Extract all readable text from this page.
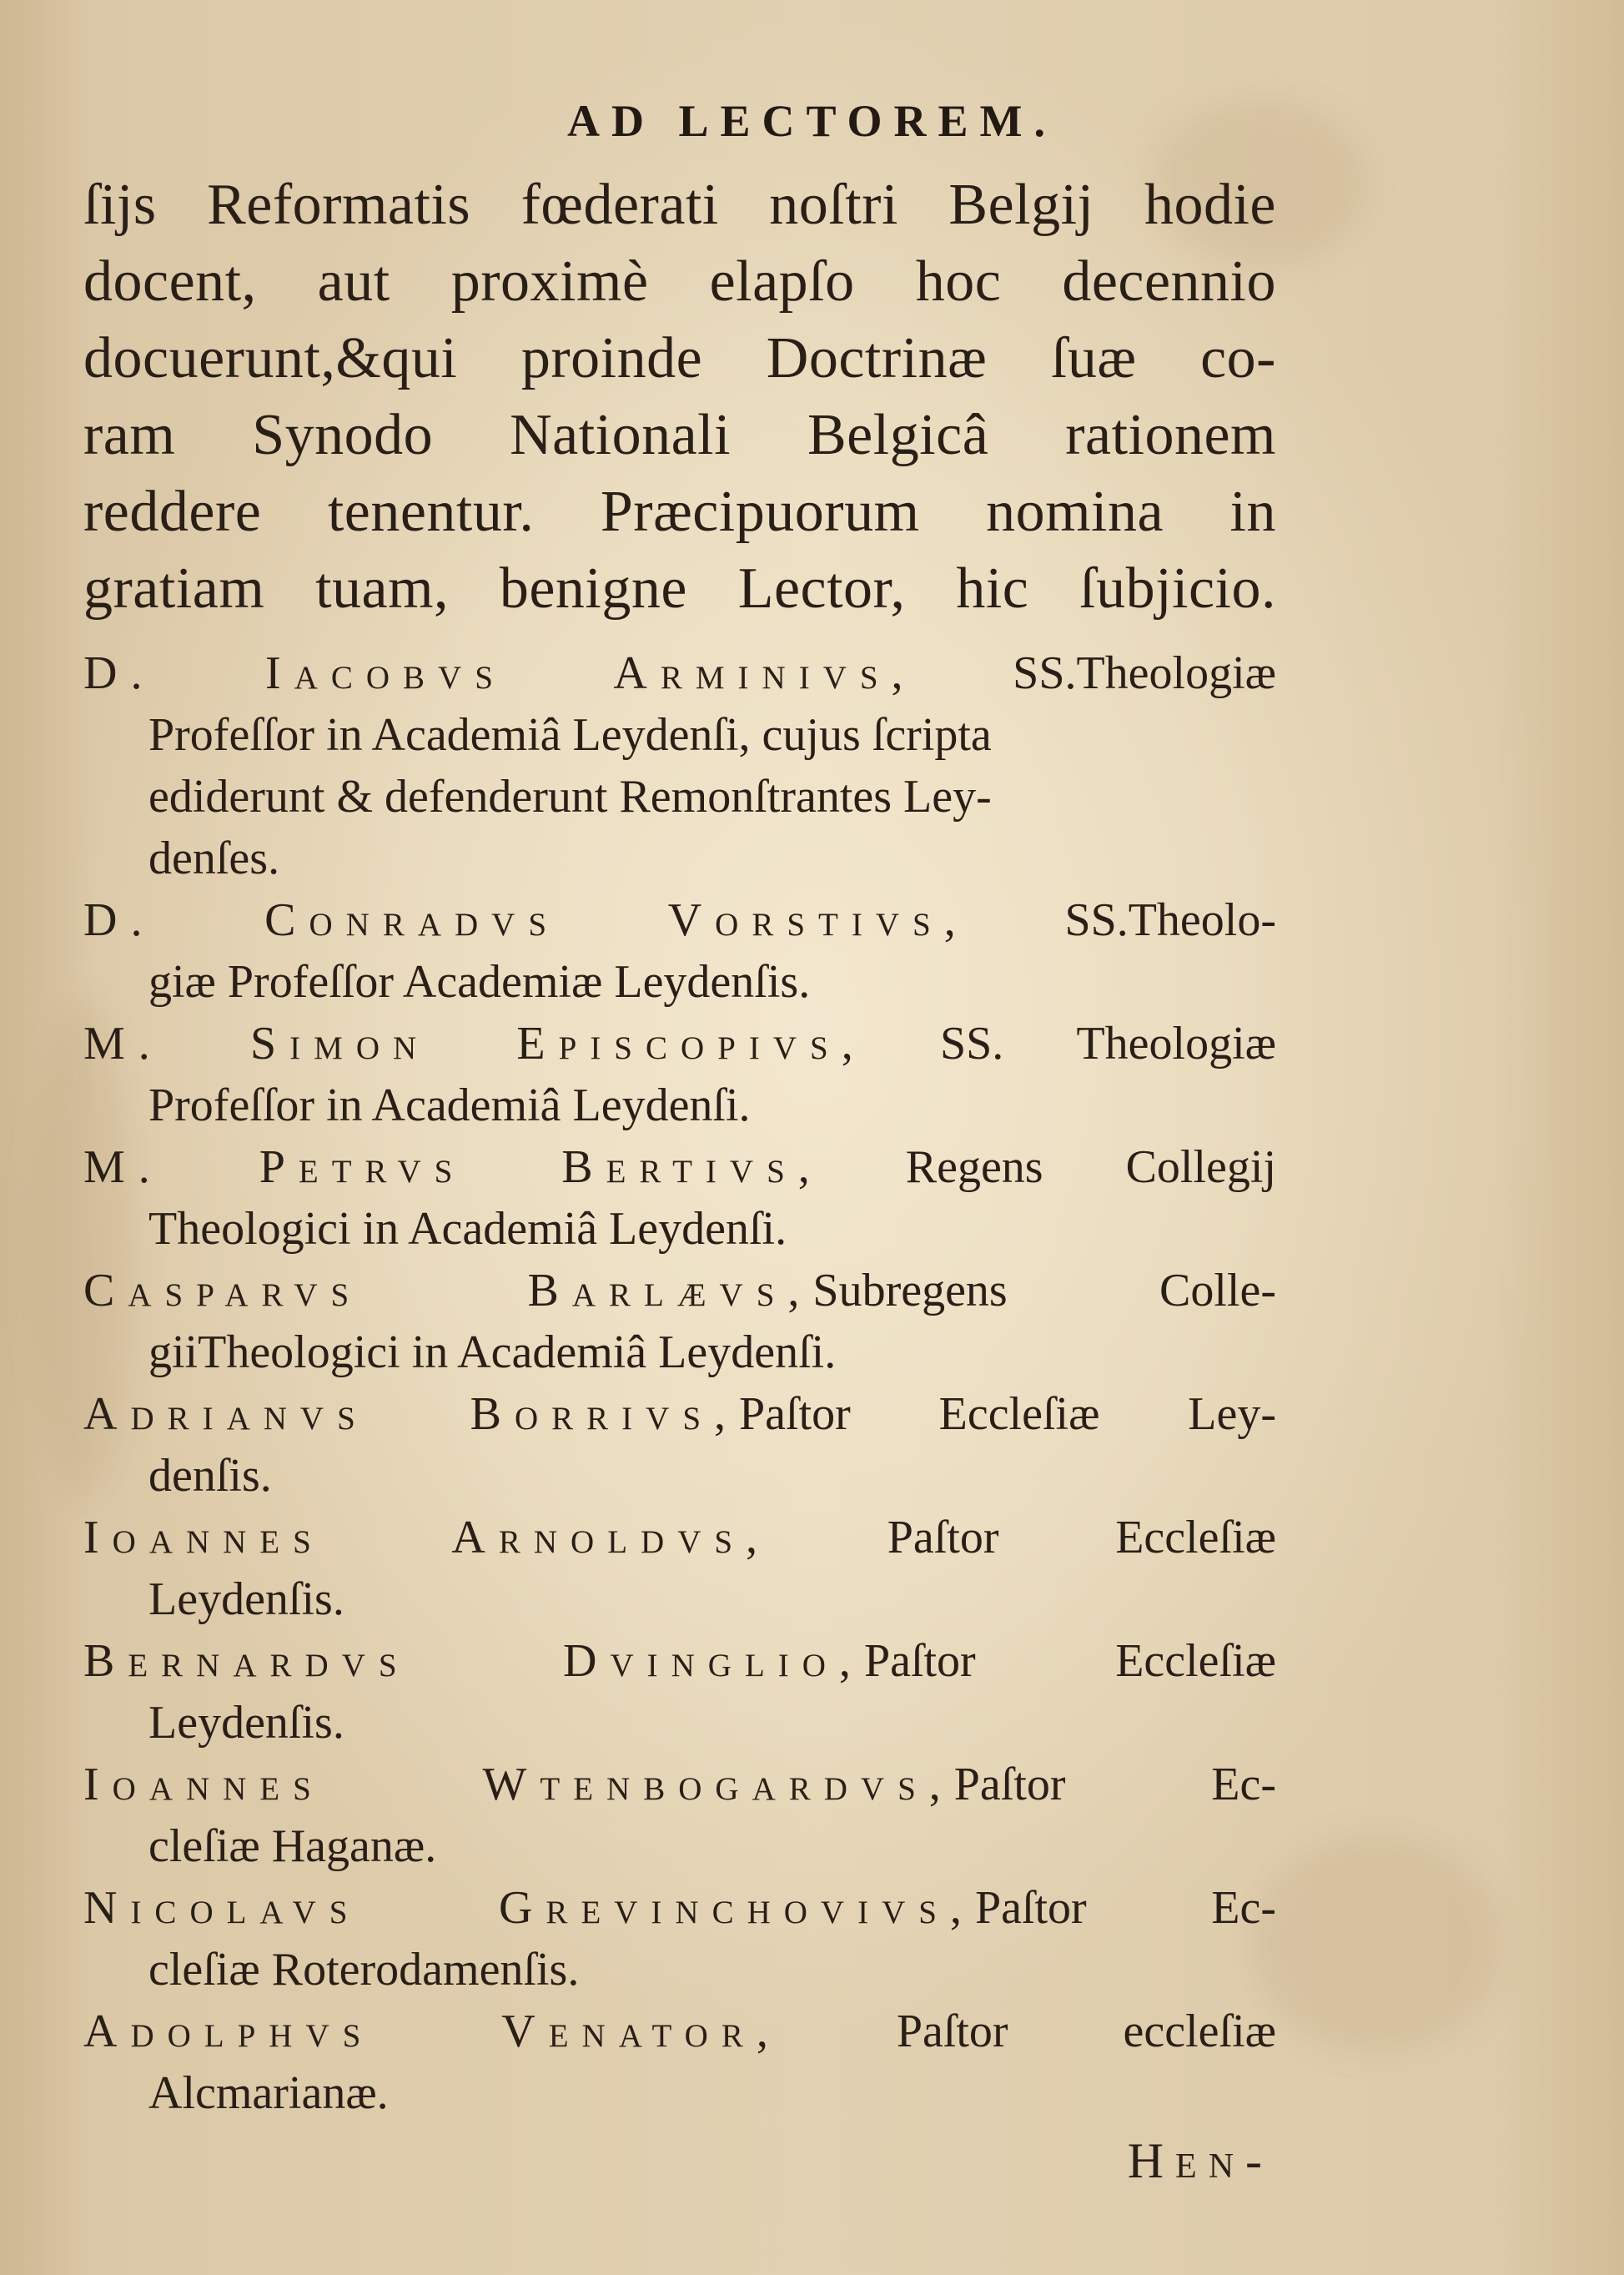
AD LECTOREM.
ſijs Reformatis fœderati noſtri Belgij hodie
docent, aut proximè elapſo hoc decennio
docuerunt,&qui proinde Doctrinæ ſuæ co-
ram Synodo Nationali Belgicâ rationem
reddere tenentur. Præcipuorum nomina in
gratiam tuam, benigne Lector, hic ſubjicio.
D. Iacobvs Arminivs, SS.Theologiæ
Profeſſor in Academiâ Leydenſi, cujus ſcripta
ediderunt & defenderunt Remonſtrantes Ley-
denſes.
D. Conradvs Vorstivs, SS.Theolo-
giæ Profeſſor Academiæ Leydenſis.
M. Simon Episcopivs, SS. Theologiæ
Profeſſor in Academiâ Leydenſi.
M. Petrvs Bertivs, Regens Collegij
Theologici in Academiâ Leydenſi.
Casparvs Barlævs,Subregens Colle-
giiTheologici in Academiâ Leydenſi.
Adrianvs Borrivs,Paſtor Eccleſiæ Ley-
denſis.
Ioannes Arnoldvs, Paſtor Eccleſiæ
Leydenſis.
Bernardvs Dvinglio,Paſtor Eccleſiæ
Leydenſis.
Ioannes Wtenbogardvs,Paſtor Ec-
cleſiæ Haganæ.
Nicolavs Grevinchovivs,Paſtor Ec-
cleſiæ Roterodamenſis.
Adolphvs Venator, Paſtor eccleſiæ
Alcmarianæ.
Hen-
